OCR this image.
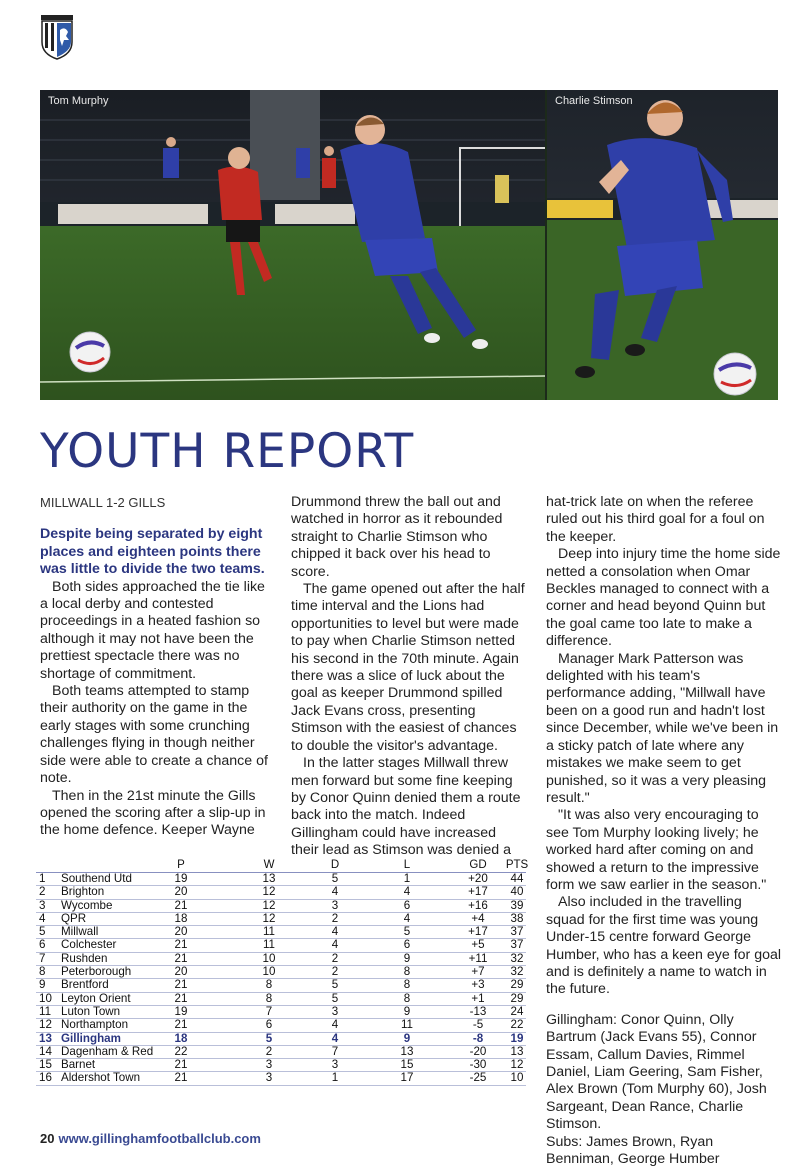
Tom Murphy	Charlie Stimson
YOUTH REPORT

MILLWALL 1-2 GILLS

Despite being separated by eight places and eighteen points there was little to divide the two teams.

Both sides approached the tie like a local derby and contested proceedings in a heated fashion so although it may not have been the prettiest spectacle there was no shortage of commitment.

Both teams attempted to stamp their authority on the game in the early stages with some crunching challenges flying in though neither side were able to create a chance of note.

Then in the 21st minute the Gills opened the scoring after a slip-up in the home defence. Keeper Wayne

Drummond threw the ball out and watched in horror as it rebounded straight to Charlie Stimson who chipped it back over his head to score.

The game opened out after the half time interval and the Lions had opportunities to level but were made to pay when Charlie Stimson netted his second in the 70th minute. Again there was a slice of luck about the goal as keeper Drummond spilled Jack Evans cross, presenting Stimson with the easiest of chances to double the visitor's advantage.

In the latter stages Millwall threw men forward but some fine keeping by Conor Quinn denied them a route back into the match. Indeed Gillingham could have increased their lead as Stimson was denied a

hat-trick late on when the referee ruled out his third goal for a foul on the keeper.

Deep into injury time the home side netted a consolation when Omar Beckles managed to connect with a corner and head beyond Quinn but the goal came too late to make a difference.

Manager Mark Patterson was delighted with his team's performance adding, "Millwall have been on a good run and hadn't lost since December, while we've been in a sticky patch of late where any mistakes we make seem to get punished, so it was a very pleasing result."

"It was also very encouraging to see Tom Murphy looking lively; he worked hard after coming on and showed a return to the impressive form we saw earlier in the season."

Also included in the travelling squad for the first time was young Under-15 centre forward George Humber, who has a keen eye for goal and is definitely a name to watch in the future.

Gillingham: Conor Quinn, Olly Bartrum (Jack Evans 55), Connor Essam, Callum Davies, Rimmel Daniel, Liam Geering, Sam Fisher, Alex Brown (Tom Murphy 60), Josh Sargeant, Dean Rance, Charlie Stimson.

Subs: James Brown, Ryan Benniman, George Humber

P	W	D	L	GD	PTS
1 Southend Utd	19	13	5	1	+20	44
2 Brighton	20	12	4	4	+17	40
3 Wycombe	21	12	3	6	+16	39
4 QPR	18	12	2	4	+4	38
5 Millwall	20	11	4	5	+17	37
6 Colchester	21	11	4	6	+5	37
7 Rushden	21	10	2	9	+11	32
8 Peterborough	20	10	2	8	+7	32
9 Brentford	21	8	5	8	+3	29
10 Leyton Orient	21	8	5	8	+1	29
11 Luton Town	19	7	3	9	-13	24
12 Northampton	21	6	4	11	-5	22
13 Gillingham	18	5	4	9	-8	19
14 Dagenham & Red	22	2	7	13	-20	13
15 Barnet	21	3	3	15	-30	12
16 Aldershot Town	21	3	1	17	-25	10
20 www.gillinghamfootballclub.com
